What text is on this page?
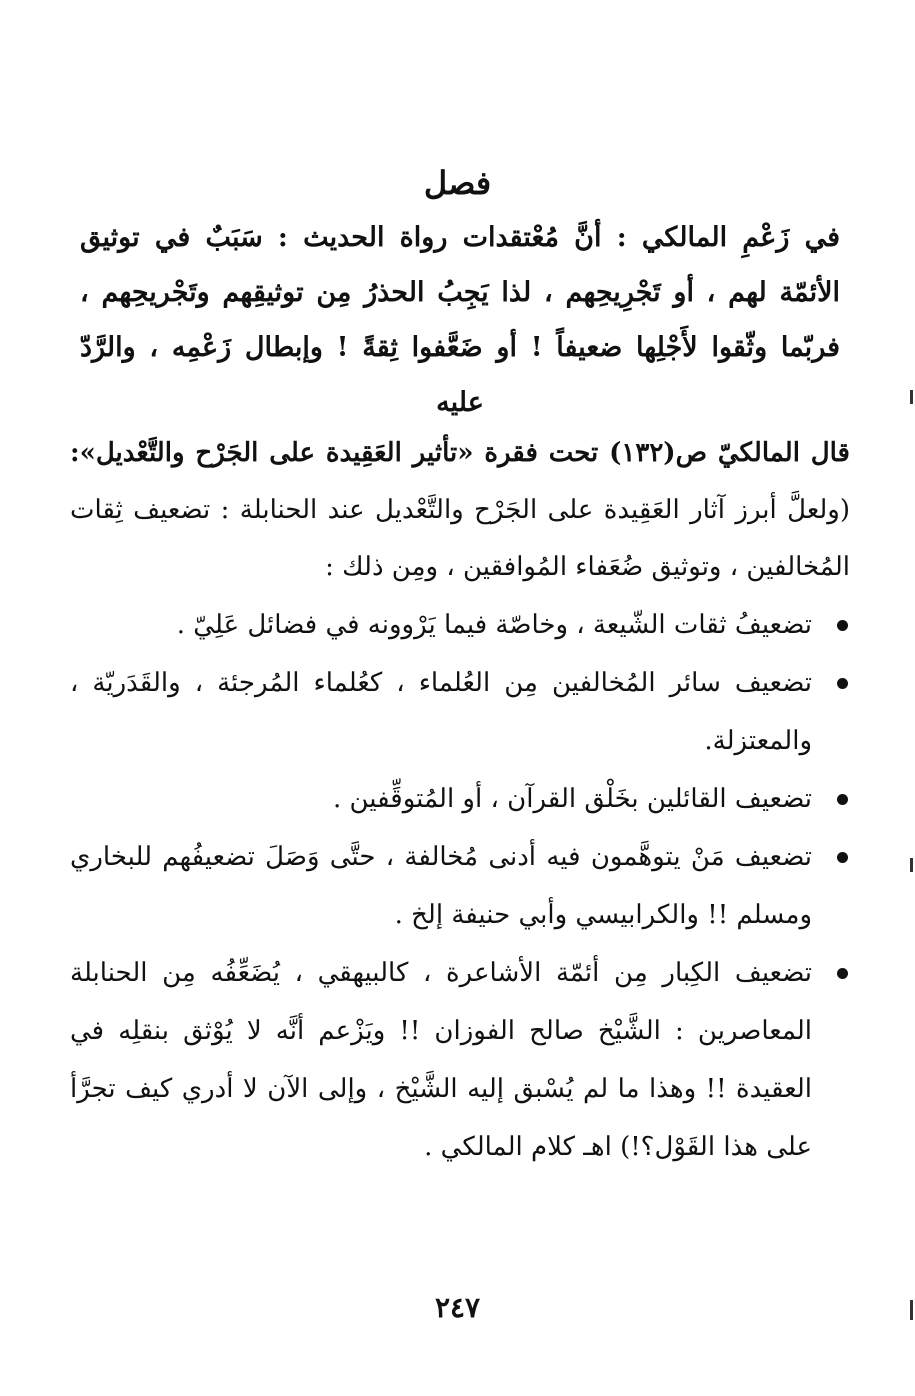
فصل
في زَعْمِ المالكي : أنَّ مُعْتقدات رواة الحديث : سَبَبٌ في توثيق الأئمّة لهم ، أو تَجْرِيحِهم ، لذا يَجِبُ الحذرُ مِن توثيقِهم وتَجْريحِهم ، فربّما وثّقوا لأَجْلِها ضعيفاً ! أو ضَعَّفوا ثِقةً ! وإبطال زَعْمِه ، والرَّدّ عليه
قال المالكيّ ص(١٣٢) تحت فقرة «تأثير العَقِيدة على الجَرْح والتَّعْديل»: (ولعلَّ أبرز آثار العَقِيدة على الجَرْح والتَّعْديل عند الحنابلة : تضعيف ثِقات المُخالفين ، وتوثيق ضُعَفاء المُوافقين ، ومِن ذلك :
تضعيفُ ثقات الشّيعة ، وخاصّة فيما يَرْوونه في فضائل عَلِيّ .
تضعيف سائر المُخالفين مِن العُلماء ، كعُلماء المُرجئة ، والقَدَريّة ، والمعتزلة.
تضعيف القائلين بخَلْق القرآن ، أو المُتوقِّفين .
تضعيف مَنْ يتوهَّمون فيه أدنى مُخالفة ، حتَّى وَصَلَ تضعيفُهم للبخاري ومسلم !! والكرابيسي وأبي حنيفة إلخ .
تضعيف الكِبار مِن أئمّة الأشاعرة ، كالبيهقي ، يُضَعِّفُه مِن الحنابلة المعاصرين : الشَّيْخ صالح الفوزان !! ويَزْعم أنَّه لا يُوْثق بنقلِه في العقيدة !! وهذا ما لم يُسْبق إليه الشَّيْخ ، وإلى الآن لا أدري كيف تجرَّأ على هذا القَوْل؟!) اهـ كلام المالكي .
٢٤٧
